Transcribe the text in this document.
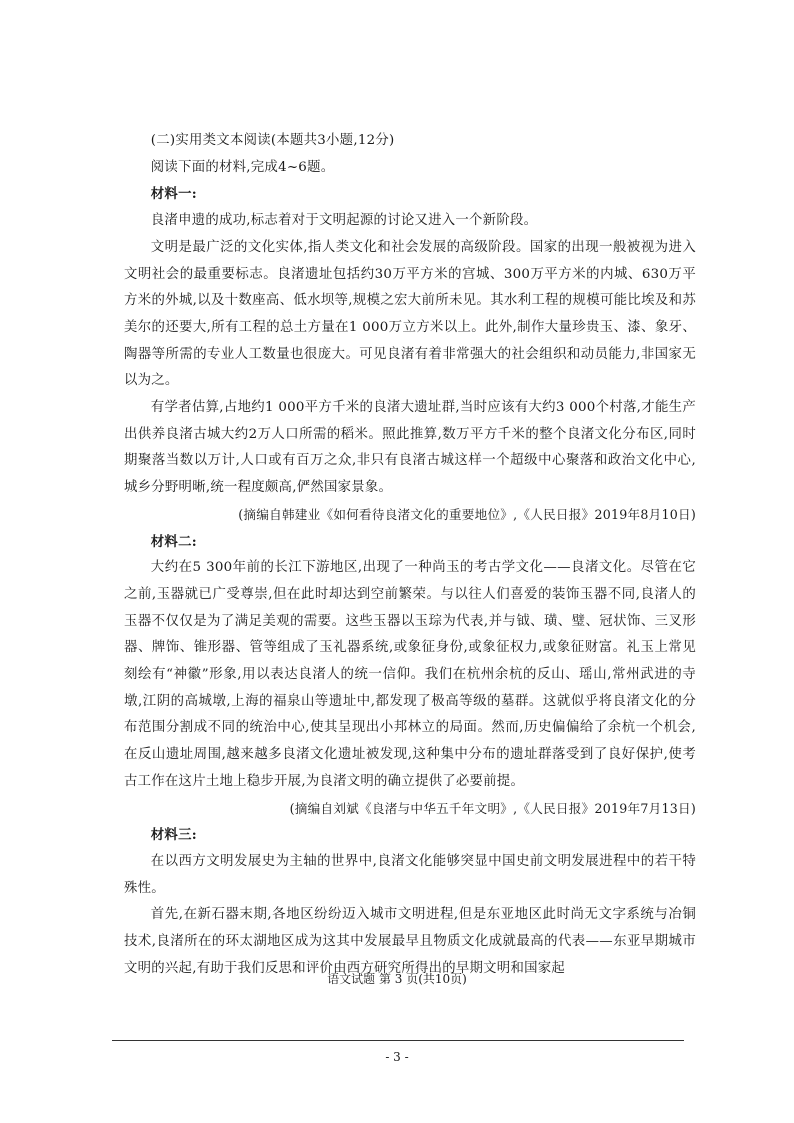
(二)实用类文本阅读(本题共3小题,12分)

阅读下面的材料,完成4~6题。

材料一:

良渚申遗的成功,标志着对于文明起源的讨论又进入一个新阶段。

文明是最广泛的文化实体,指人类文化和社会发展的高级阶段。国家的出现一般被视为进入文明社会的最重要标志。良渚遗址包括约30万平方米的宫城、300万平方米的内城、630万平方米的外城,以及十数座高、低水坝等,规模之宏大前所未见。其水利工程的规模可能比埃及和苏美尔的还要大,所有工程的总土方量在1 000万立方米以上。此外,制作大量珍贵玉、漆、象牙、陶器等所需的专业人工数量也很庞大。可见良渚有着非常强大的社会组织和动员能力,非国家无以为之。

有学者估算,占地约1 000平方千米的良渚大遗址群,当时应该有大约3 000个村落,才能生产出供养良渚古城大约2万人口所需的稻米。照此推算,数万平方千米的整个良渚文化分布区,同时期聚落当数以万计,人口或有百万之众,非只有良渚古城这样一个超级中心聚落和政治文化中心,城乡分野明晰,统一程度颇高,俨然国家景象。

(摘编自韩建业《如何看待良渚文化的重要地位》,《人民日报》2019年8月10日)

材料二:

大约在5 300年前的长江下游地区,出现了一种尚玉的考古学文化——良渚文化。尽管在它之前,玉器就已广受尊崇,但在此时却达到空前繁荣。与以往人们喜爱的装饰玉器不同,良渚人的玉器不仅仅是为了满足美观的需要。这些玉器以玉琮为代表,并与钺、璜、璧、冠状饰、三叉形器、牌饰、锥形器、管等组成了玉礼器系统,或象征身份,或象征权力,或象征财富。礼玉上常见刻绘有“神徽”形象,用以表达良渚人的统一信仰。我们在杭州余杭的反山、瑶山,常州武进的寺墩,江阴的高城墩,上海的福泉山等遗址中,都发现了极高等级的墓群。这就似乎将良渚文化的分布范围分割成不同的统治中心,使其呈现出小邦林立的局面。然而,历史偏偏给了余杭一个机会,在反山遗址周围,越来越多良渚文化遗址被发现,这种集中分布的遗址群落受到了良好保护,使考古工作在这片土地上稳步开展,为良渚文明的确立提供了必要前提。

(摘编自刘斌《良渚与中华五千年文明》,《人民日报》2019年7月13日)

材料三:

在以西方文明发展史为主轴的世界中,良渚文化能够突显中国史前文明发展进程中的若干特殊性。

首先,在新石器末期,各地区纷纷迈入城市文明进程,但是东亚地区此时尚无文字系统与冶铜技术,良渚所在的环太湖地区成为这其中发展最早且物质文化成就最高的代表——东亚早期城市文明的兴起,有助于我们反思和评价由西方研究所得出的早期文明和国家起

语文试题 第 3 页(共10页)
- 3 -
